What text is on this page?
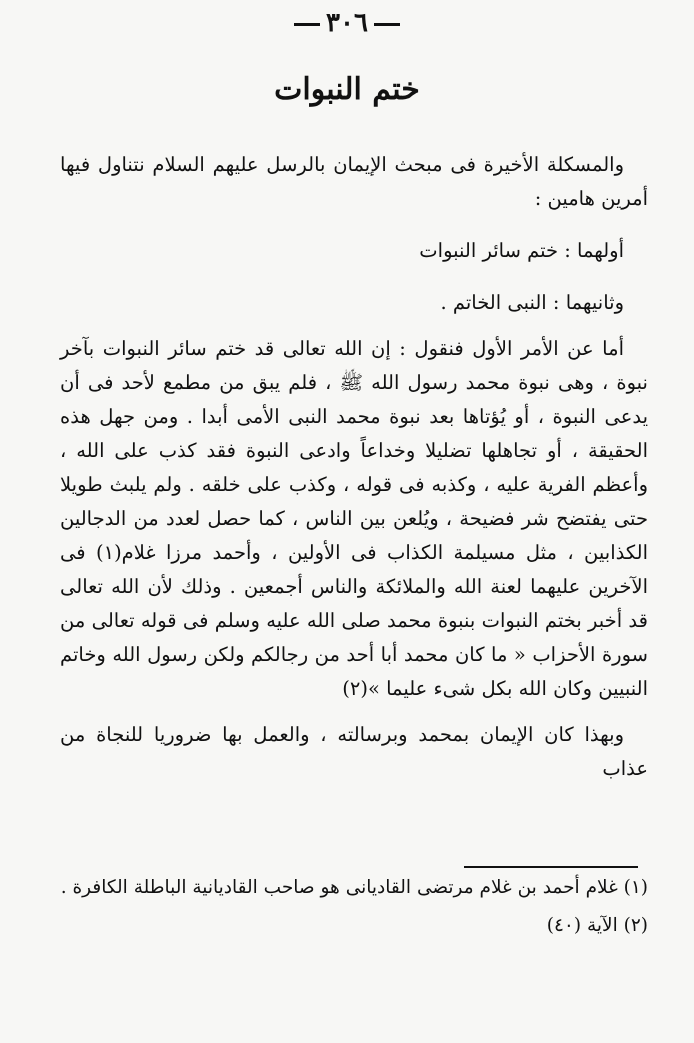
٣٠٦
ختم النبوات

والمسكلة الأخيرة فى مبحث الإيمان بالرسل عليهم السلام نتناول فيها أمرين هامين :

أولهما : ختم سائر النبوات

وثانيهما : النبى الخاتم .

أما عن الأمر الأول فنقول : إن الله تعالى قد ختم سائر النبوات بآخر نبوة ، وهى نبوة محمد رسول الله ﷺ ، فلم يبق من مطمع لأحد فى أن يدعى النبوة ، أو يُؤتاها بعد نبوة محمد النبى الأمى أبدا . ومن جهل هذه الحقيقة ، أو تجاهلها تضليلا وخداعاً وادعى النبوة فقد كذب على الله ، وأعظم الفرية عليه ، وكذبه فى قوله ، وكذب على خلقه . ولم يلبث طويلا حتى يفتضح شر فضيحة ، ويُلعن بين الناس ، كما حصل لعدد من الدجالين الكذابين ، مثل مسيلمة الكذاب فى الأولين ، وأحمد مرزا غلام(١) فى الآخرين عليهما لعنة الله والملائكة والناس أجمعين . وذلك لأن الله تعالى قد أخبر بختم النبوات بنبوة محمد صلى الله عليه وسلم فى قوله تعالى من سورة الأحزاب « ما كان محمد أبا أحد من رجالكم ولكن رسول الله وخاتم النبيين وكان الله بكل شىء عليما »(٢)

وبهذا كان الإيمان بمحمد وبرسالته ، والعمل بها ضروريا للنجاة من عذاب

(١) غلام أحمد بن غلام مرتضى القاديانى هو صاحب القاديانية الباطلة الكافرة .

(٢) الآية (٤٠)
